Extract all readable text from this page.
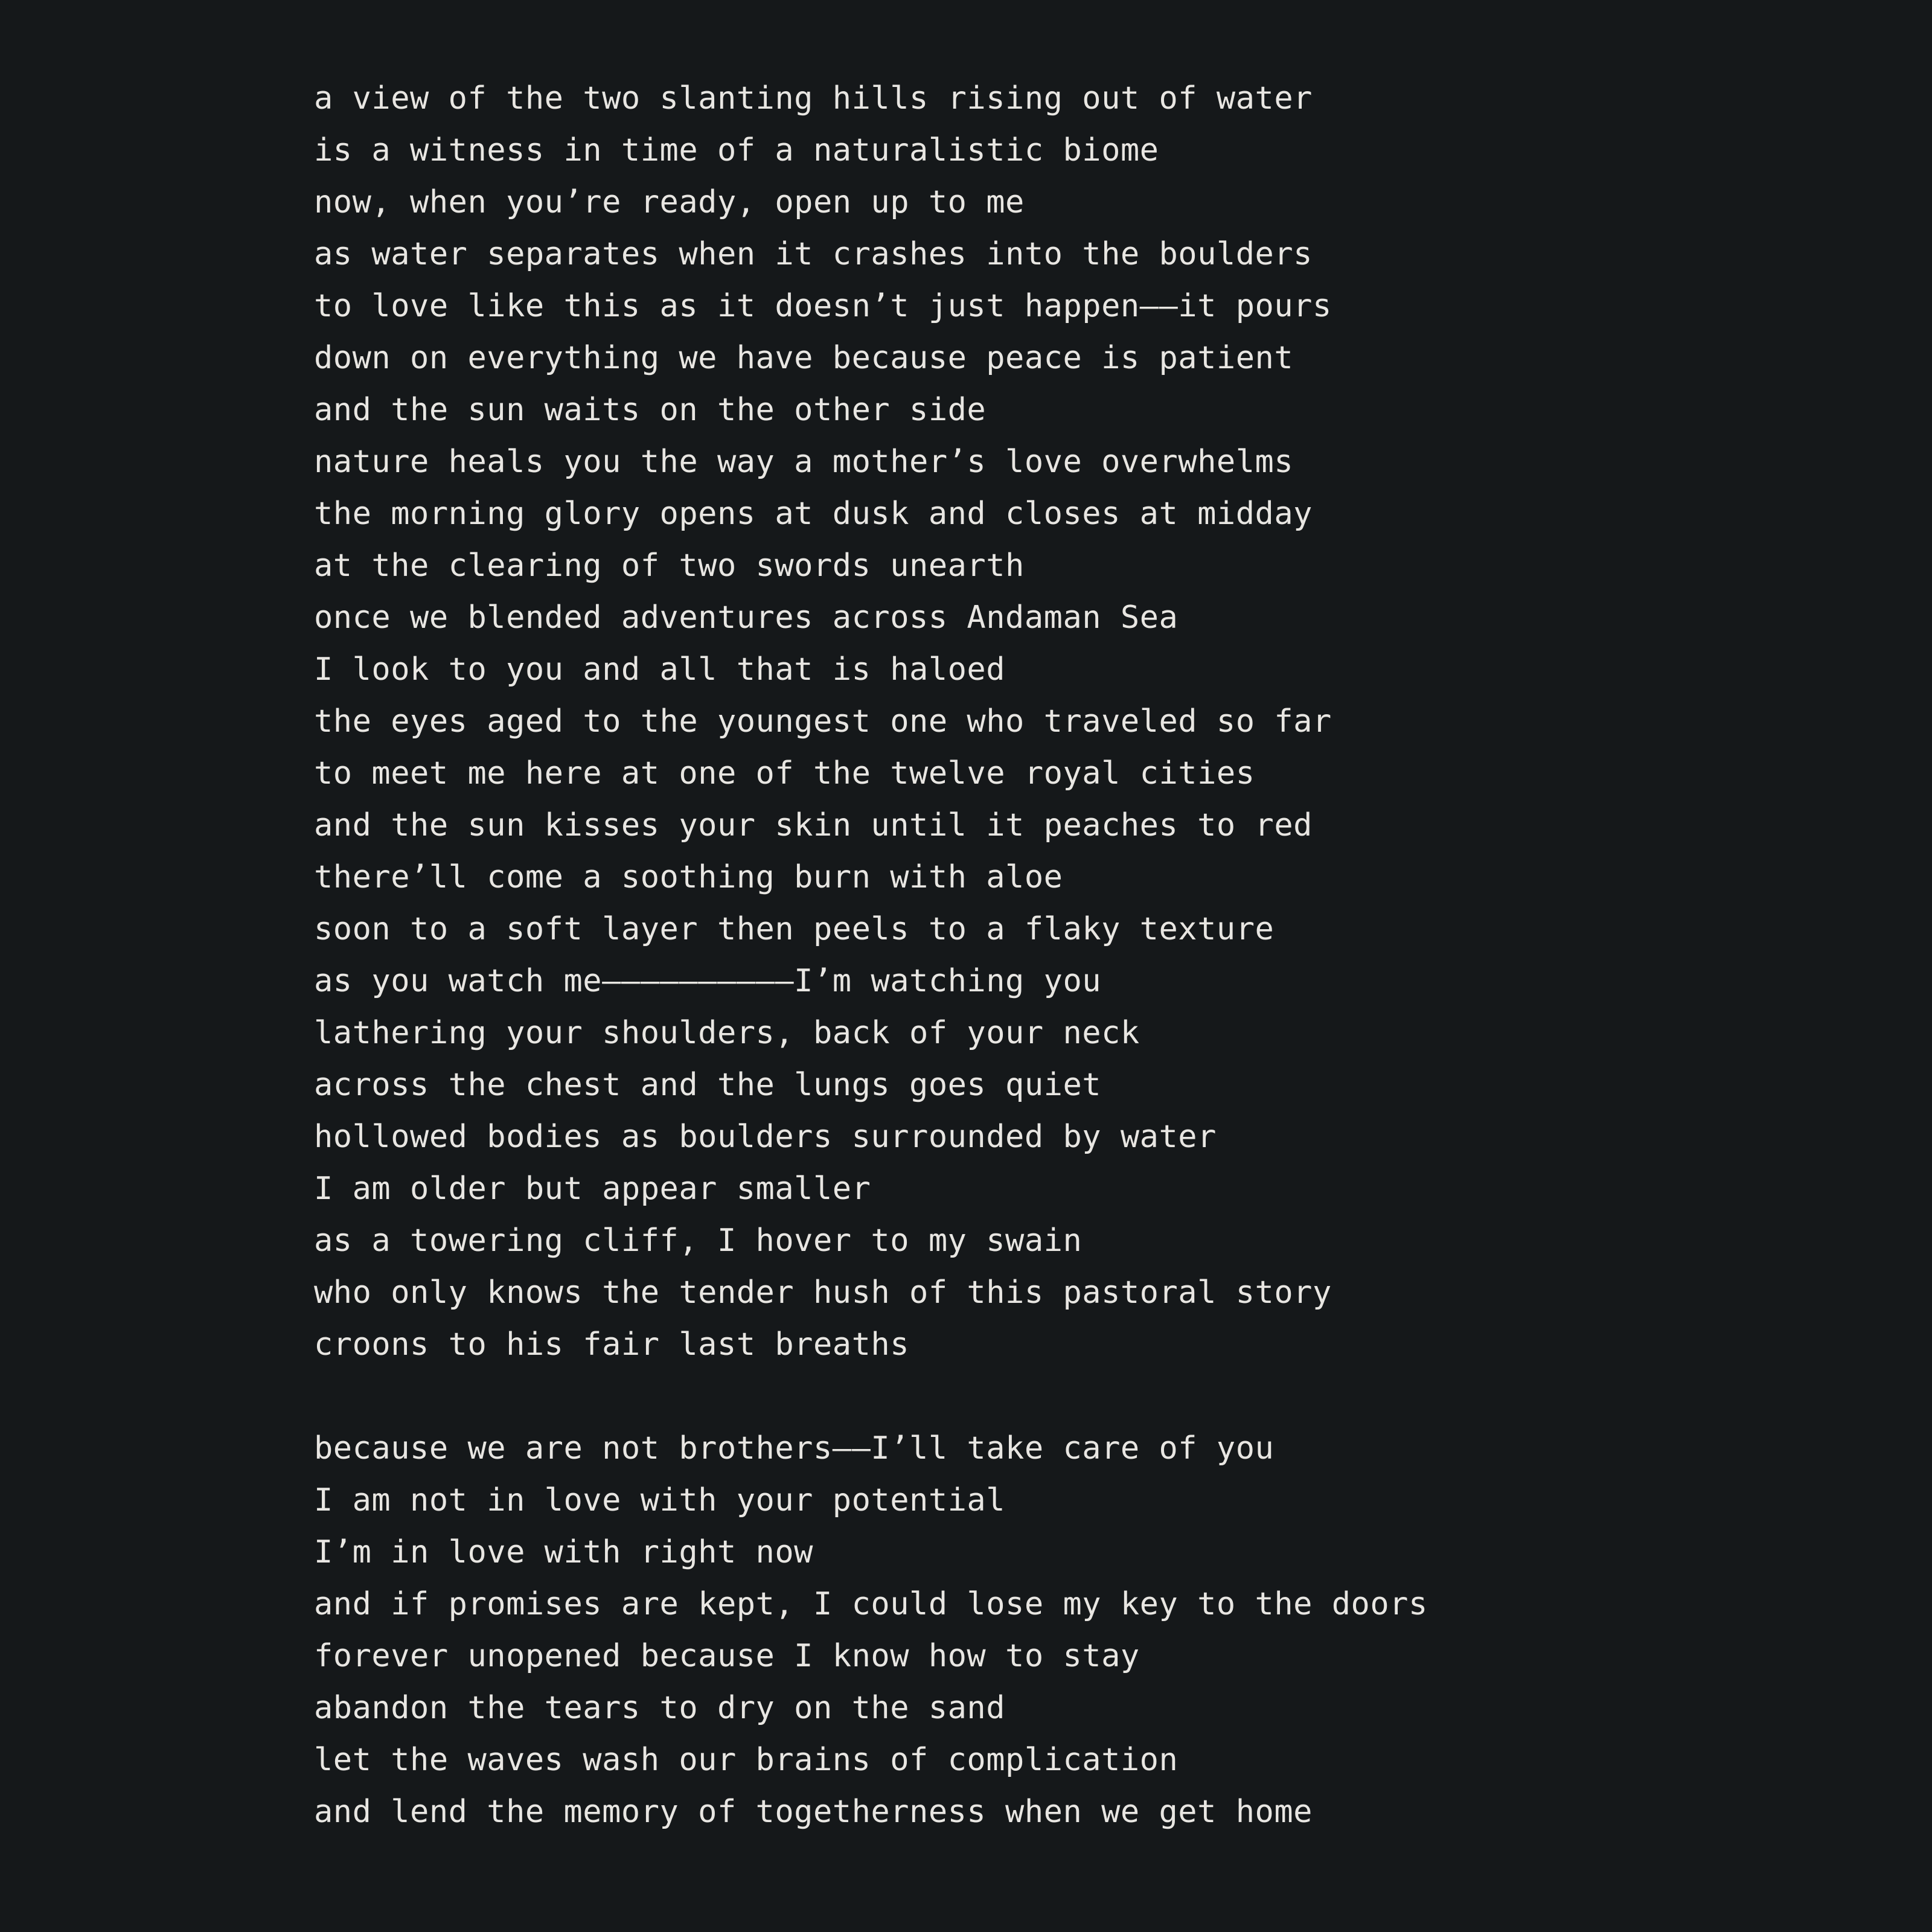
a view of the two slanting hills rising out of water
is a witness in time of a naturalistic biome
now, when you’re ready, open up to me
as water separates when it crashes into the boulders
to love like this as it doesn’t just happen——it pours
down on everything we have because peace is patient
and the sun waits on the other side
nature heals you the way a mother’s love overwhelms
the morning glory opens at dusk and closes at midday
at the clearing of two swords unearth
once we blended adventures across Andaman Sea
I look to you and all that is haloed
the eyes aged to the youngest one who traveled so far
to meet me here at one of the twelve royal cities
and the sun kisses your skin until it peaches to red
there’ll come a soothing burn with aloe
soon to a soft layer then peels to a flaky texture
as you watch me——————————I’m watching you
lathering your shoulders, back of your neck
across the chest and the lungs goes quiet
hollowed bodies as boulders surrounded by water
I am older but appear smaller
as a towering cliff, I hover to my swain
who only knows the tender hush of this pastoral story
croons to his fair last breaths
because we are not brothers——I’ll take care of you
I am not in love with your potential
I’m in love with right now
and if promises are kept, I could lose my key to the doors
forever unopened because I know how to stay
abandon the tears to dry on the sand
let the waves wash our brains of complication
and lend the memory of togetherness when we get home
